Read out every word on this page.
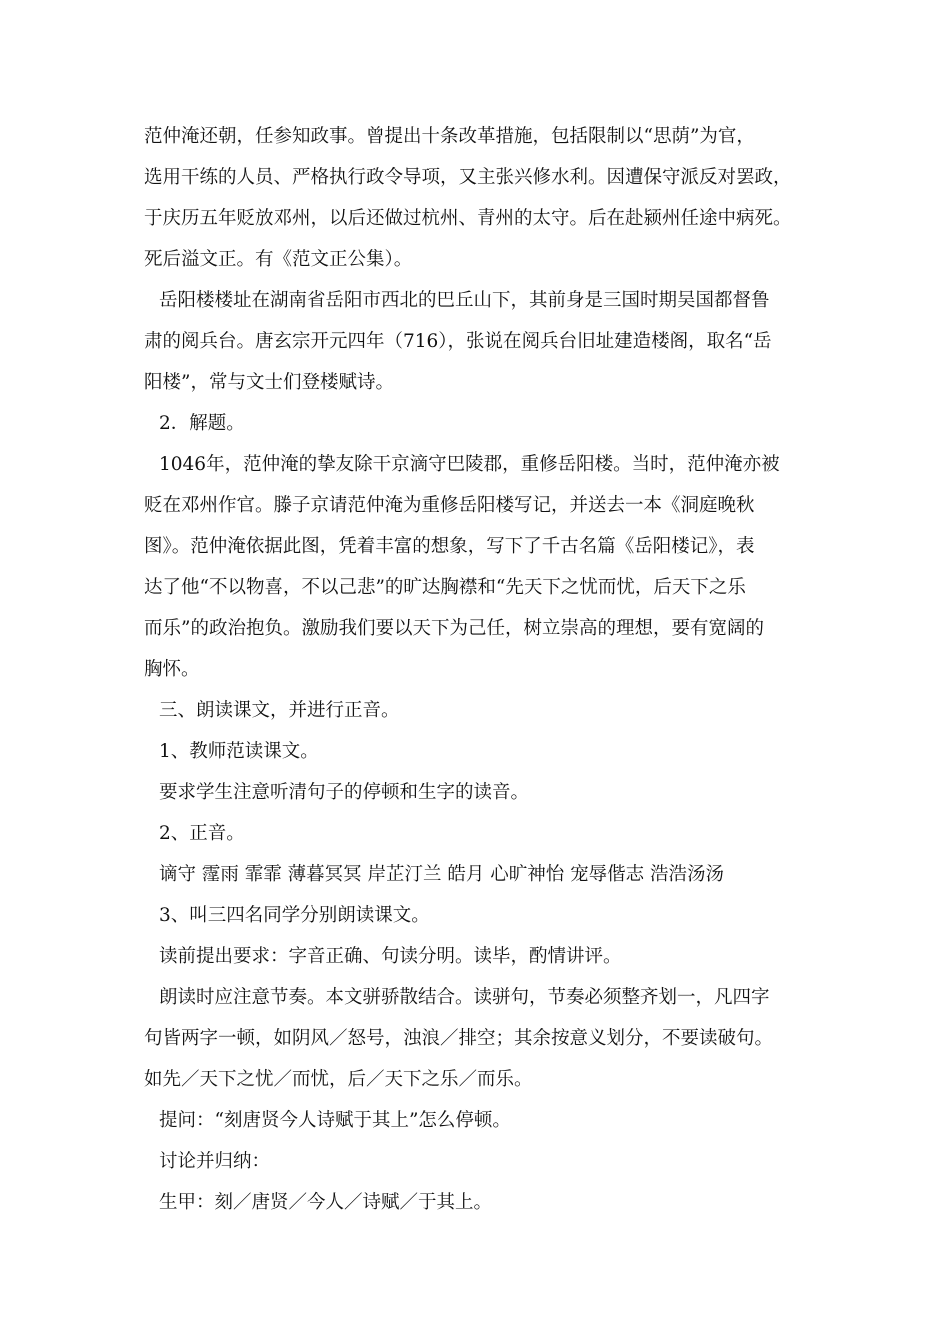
范仲淹还朝，任参知政事。曾提出十条改革措施，包括限制以“思荫”为官，

选用干练的人员、严格执行政令导项，又主张兴修水利。因遭保守派反对罢政，

于庆历五年贬放邓州，以后还做过杭州、青州的太守。后在赴颍州任途中病死。

死后溢文正。有《范文正公集）。

岳阳楼楼址在湖南省岳阳市西北的巴丘山下，其前身是三国时期吴国都督鲁

肃的阅兵台。唐玄宗开元四年（716），张说在阅兵台旧址建造楼阁，取名“岳

阳楼”，常与文士们登楼赋诗。

2．解题。

1046年，范仲淹的挚友除干京滴守巴陵郡，重修岳阳楼。当时，范仲淹亦被

贬在邓州作官。滕子京请范仲淹为重修岳阳楼写记，并送去一本《洞庭晚秋

图》。范仲淹依据此图，凭着丰富的想象，写下了千古名篇《岳阳楼记》，表

达了他“不以物喜，不以己悲”的旷达胸襟和“先天下之忧而忧，后天下之乐

而乐”的政治抱负。激励我们要以天下为己任，树立崇高的理想，要有宽阔的

胸怀。

三、朗读课文，并进行正音。

1、教师范读课文。

要求学生注意听清句子的停顿和生字的读音。

2、正音。

谪守 霪雨 霏霏 薄暮冥冥 岸芷汀兰 皓月 心旷神怡 宠辱偕志 浩浩汤汤

3、叫三四名同学分别朗读课文。

读前提出要求：字音正确、句读分明。读毕，酌情讲评。

朗读时应注意节奏。本文骈骄散结合。读骈句，节奏必须整齐划一，凡四字

句皆两字一顿，如阴风／怒号，浊浪／排空；其余按意义划分，不要读破句。

如先／天下之忧／而忧，后／天下之乐／而乐。

提问：“刻唐贤今人诗赋于其上”怎么停顿。

讨论并归纳：

生甲：刻／唐贤／今人／诗赋／于其上。
